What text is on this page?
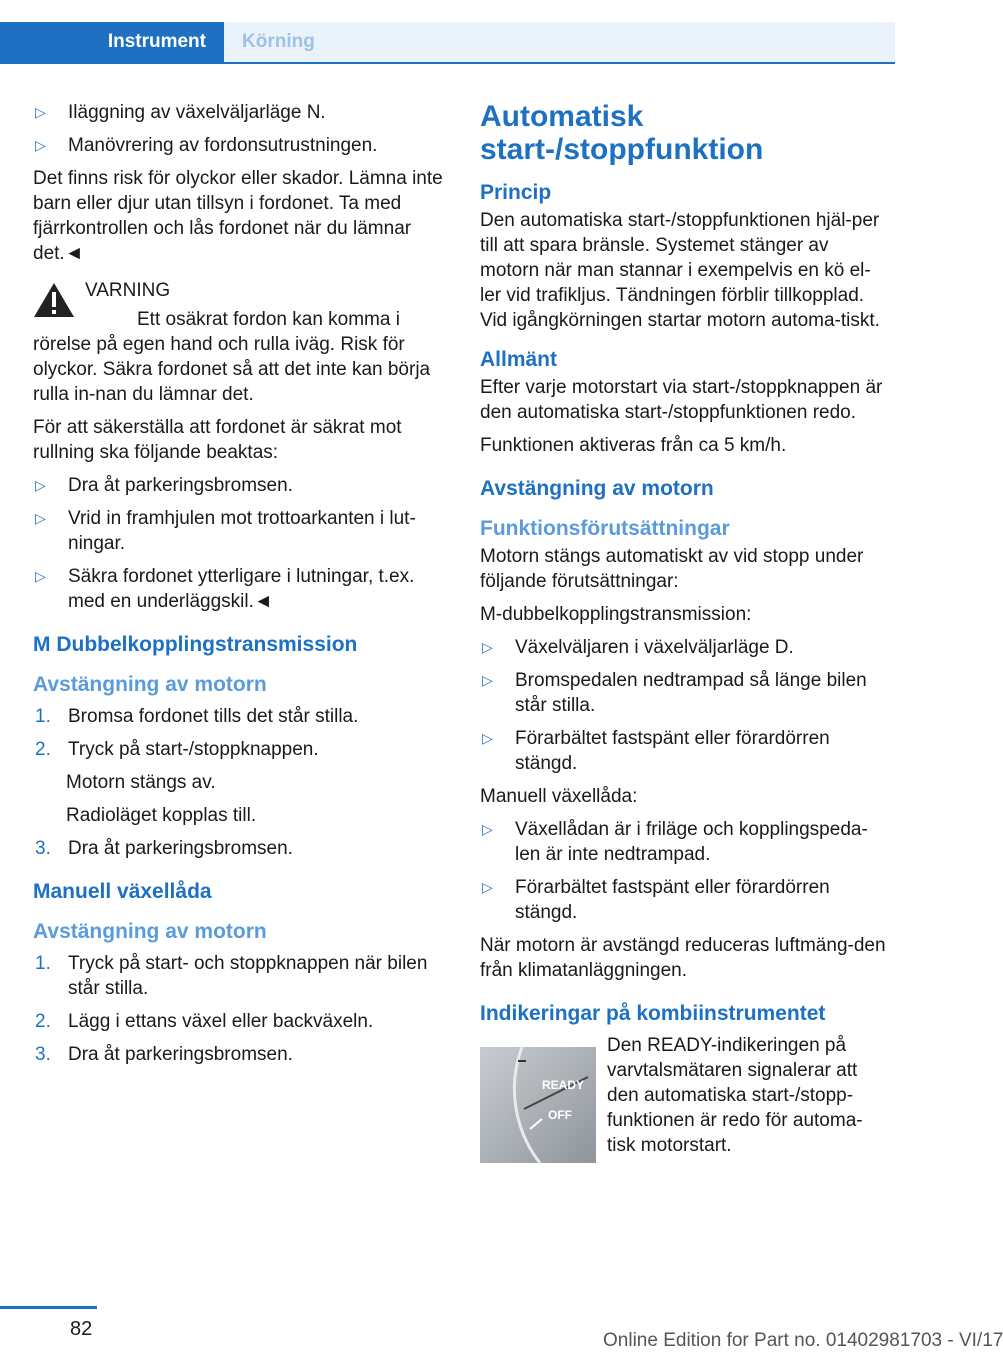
Instrument	Körning
▷	Iläggning av växelväljarläge N.
▷	Manövrering av fordonsutrustningen.

Det finns risk för olyckor eller skador. Lämna inte barn eller djur utan tillsyn i fordonet. Ta med fjärrkontrollen och lås fordonet när du lämnar det.◄

VARNING
Ett osäkrat fordon kan komma i rörelse på egen hand och rulla iväg. Risk för olyckor. Säkra fordonet så att det inte kan börja rulla in‐nan du lämnar det.

För att säkerställa att fordonet är säkrat mot rullning ska följande beaktas:

▷	Dra åt parkeringsbromsen.
▷	Vrid in framhjulen mot trottoarkanten i lut‐ningar.
▷	Säkra fordonet ytterligare i lutningar, t.ex. med en underläggskil.◄
M Dubbelkopplingstransmission
Avstängning av motorn
1. Bromsa fordonet tills det står stilla.
2. Tryck på start-/stoppknappen.
Motorn stängs av.
Radioläget kopplas till.
3. Dra åt parkeringsbromsen.
Manuell växellåda
Avstängning av motorn
1. Tryck på start- och stoppknappen när bilen står stilla.
2. Lägg i ettans växel eller backväxeln.
3. Dra åt parkeringsbromsen.
Automatisk start-/stoppfunktion
Princip

Den automatiska start-/stoppfunktionen hjäl‐per till att spara bränsle. Systemet stänger av motorn när man stannar i exempelvis en kö el‐ler vid trafikljus. Tändningen förblir tillkopplad. Vid igångkörningen startar motorn automa‐tiskt.

Allmänt

Efter varje motorstart via start-/stoppknappen är den automatiska start-/stoppfunktionen redo.

Funktionen aktiveras från ca 5 km/h.

Avstängning av motorn
Funktionsförutsättningar

Motorn stängs automatiskt av vid stopp under följande förutsättningar:

M-dubbelkopplingstransmission:

▷	Växelväljaren i växelväljarläge D.
▷	Bromspedalen nedtrampad så länge bilen står stilla.
▷	Förarbältet fastspänt eller förardörren stängd.

Manuell växellåda:

▷	Växellådan är i friläge och kopplingspeda‐len är inte nedtrampad.
▷	Förarbältet fastspänt eller förardörren stängd.

När motorn är avstängd reduceras luftmäng‐den från klimatanläggningen.

Indikeringar på kombiinstrumentet
READY
OFF
Den READY-indikeringen på varvtalsmätaren signalerar att den automatiska start-/stopp‐funktionen är redo för automa‐tisk motorstart.
82
Online Edition for Part no. 01402981703 - VI/17
